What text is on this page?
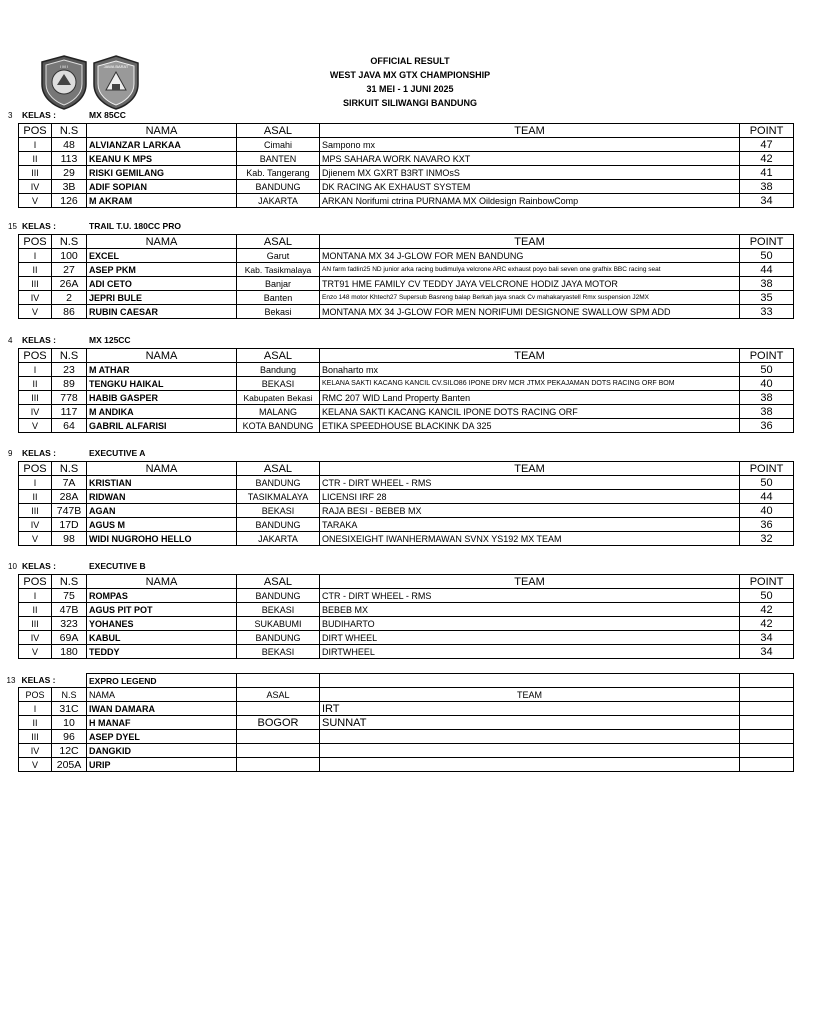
I M I	JAWA BARAT
OFFICIAL RESULT
WEST JAVA MX GTX CHAMPIONSHIP
31 MEI - 1 JUNI 2025
SIRKUIT SILIWANGI BANDUNG
3 KELAS :	MX 85CC
POS	N.S	NAMA	ASAL	TEAM	POINT
I	48	ALVIANZAR LARKAA	Cimahi	Sampono mx	47
II	113	KEANU K MPS	BANTEN	MPS SAHARA WORK NAVARO KXT	42
III	29	RISKI GEMILANG	Kab. Tangerang	Djienem MX GXRT B3RT INMOsS	41
IV	3B	ADIF SOPIAN	BANDUNG	DK RACING AK EXHAUST SYSTEM	38
V	126	M AKRAM	JAKARTA	ARKAN Norifumi ctrina PURNAMA MX Oildesign RainbowComp	34
15 KELAS :	TRAIL T.U. 180CC PRO
POS	N.S	NAMA	ASAL	TEAM	POINT
I	100	EXCEL	Garut	MONTANA MX 34 J-GLOW FOR MEN BANDUNG	50
II	27	ASEP PKM	Kab. Tasikmalaya	AN farm fadlin25 ND junior arka racing budimulya velcrone ARC exhaust poyo bali seven one grafhix BBC racing seat	44
III	26A	ADI CETO	Banjar	TRT91 HME FAMILY CV TEDDY JAYA VELCRONE HODIZ JAYA MOTOR	38
IV	2	JEPRI BULE	Banten	Enzo 148 motor Khtech27 Supersub Basreng balap Berkah jaya snack Cv mahakaryastell Rmx suspension J2MX	35
V	86	RUBIN CAESAR	Bekasi	MONTANA MX 34 J-GLOW FOR MEN NORIFUMI DESIGNONE SWALLOW SPM ADD	33
4 KELAS :	MX 125CC
POS	N.S	NAMA	ASAL	TEAM	POINT
I	23	M ATHAR	Bandung	Bonaharto mx	50
II	89	TENGKU HAIKAL	BEKASI	KELANA SAKTI KACANG KANCIL CV.SILO86 IPONE DRV MCR JTMX PEKAJAMAN DOTS RACING ORF BOM	40
III	778	HABIB GASPER	Kabupaten Bekasi	RMC 207 WID Land Property Banten	38
IV	117	M ANDIKA	MALANG	KELANA SAKTI KACANG KANCIL IPONE DOTS RACING ORF	38
V	64	GABRIL ALFARISI	KOTA BANDUNG	ETIKA SPEEDHOUSE BLACKINK DA 325	36
9 KELAS :	EXECUTIVE A
POS	N.S	NAMA	ASAL	TEAM	POINT
I	7A	KRISTIAN	BANDUNG	CTR - DIRT WHEEL - RMS	50
II	28A	RIDWAN	TASIKMALAYA	LICENSI IRF 28	44
III	747B	AGAN	BEKASI	RAJA BESI - BEBEB MX	40
IV	17D	AGUS M	BANDUNG	TARAKA	36
V	98	WIDI NUGROHO HELLO	JAKARTA	ONESIXEIGHT IWANHERMAWAN SVNX YS192 MX TEAM	32
10 KELAS :	EXECUTIVE B
POS	N.S	NAMA	ASAL	TEAM	POINT
I	75	ROMPAS	BANDUNG	CTR - DIRT WHEEL - RMS	50
II	47B	AGUS PIT POT	BEKASI	BEBEB MX	42
III	323	YOHANES	SUKABUMI	BUDIHARTO	42
IV	69A	KABUL	BANDUNG	DIRT WHEEL	34
V	180	TEDDY	BEKASI	DIRTWHEEL	34
13 KELAS :		EXPRO LEGEND			
POS	N.S	NAMA	ASAL	TEAM	
I	31C	IWAN DAMARA		IRT	
II	10	H MANAF	BOGOR	SUNNAT	
III	96	ASEP DYEL			
IV	12C	DANGKID			
V	205A	URIP			
